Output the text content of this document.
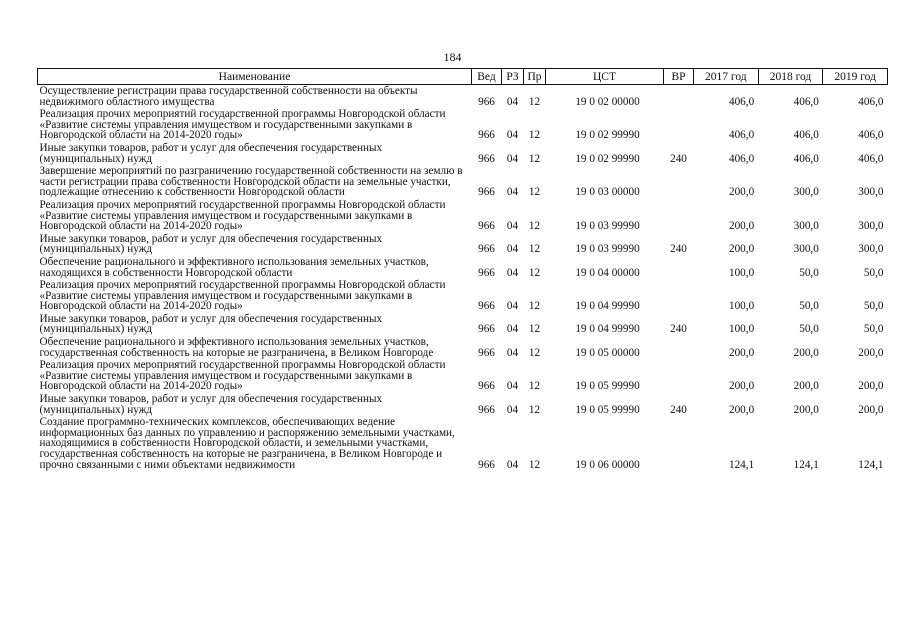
184
Наименование	Вед	РЗ	Пр	ЦСТ	ВР	2017 год	2018 год	2019 год
Осуществление регистрации права государственной собственности на объекты недвижимого областного имущества	966	04	12	19 0 02 00000		406,0	406,0	406,0
Реализация прочих мероприятий государственной программы Новгородской области «Развитие системы управления имуществом и государственными закупками в Новгородской области на 2014-2020 годы»	966	04	12	19 0 02 99990		406,0	406,0	406,0
Иные закупки товаров, работ и услуг для обеспечения государственных (муниципальных) нужд	966	04	12	19 0 02 99990	240	406,0	406,0	406,0
Завершение мероприятий по разграничению государственной собственности на землю в части регистрации права собственности Новгородской области на земельные участки, подлежащие отнесению к собственности Новгородской области	966	04	12	19 0 03 00000		200,0	300,0	300,0
Реализация прочих мероприятий государственной программы Новгородской области «Развитие системы управления имуществом и государственными закупками в Новгородской области на 2014-2020 годы»	966	04	12	19 0 03 99990		200,0	300,0	300,0
Иные закупки товаров, работ и услуг для обеспечения государственных (муниципальных) нужд	966	04	12	19 0 03 99990	240	200,0	300,0	300,0
Обеспечение рационального и эффективного использования земельных участков, находящихся в собственности Новгородской области	966	04	12	19 0 04 00000		100,0	50,0	50,0
Реализация прочих мероприятий государственной программы Новгородской области «Развитие системы управления имуществом и государственными закупками в Новгородской области на 2014-2020 годы»	966	04	12	19 0 04 99990		100,0	50,0	50,0
Иные закупки товаров, работ и услуг для обеспечения государственных (муниципальных) нужд	966	04	12	19 0 04 99990	240	100,0	50,0	50,0
Обеспечение рационального и эффективного использования земельных участков, государственная собственность на которые не разграничена, в Великом Новгороде	966	04	12	19 0 05 00000		200,0	200,0	200,0
Реализация прочих мероприятий государственной программы Новгородской области «Развитие системы управления имуществом и государственными закупками в Новгородской области на 2014-2020 годы»	966	04	12	19 0 05 99990		200,0	200,0	200,0
Иные закупки товаров, работ и услуг для обеспечения государственных (муниципальных) нужд	966	04	12	19 0 05 99990	240	200,0	200,0	200,0
Создание программно-технических комплексов, обеспечивающих ведение информационных баз данных по управлению и распоряжению земельными участками, находящимися в собственности Новгородской области, и земельными участками, государственная собственность на которые не разграничена, в Великом Новгороде и прочно связанными с ними объектами недвижимости	966	04	12	19 0 06 00000		124,1	124,1	124,1
